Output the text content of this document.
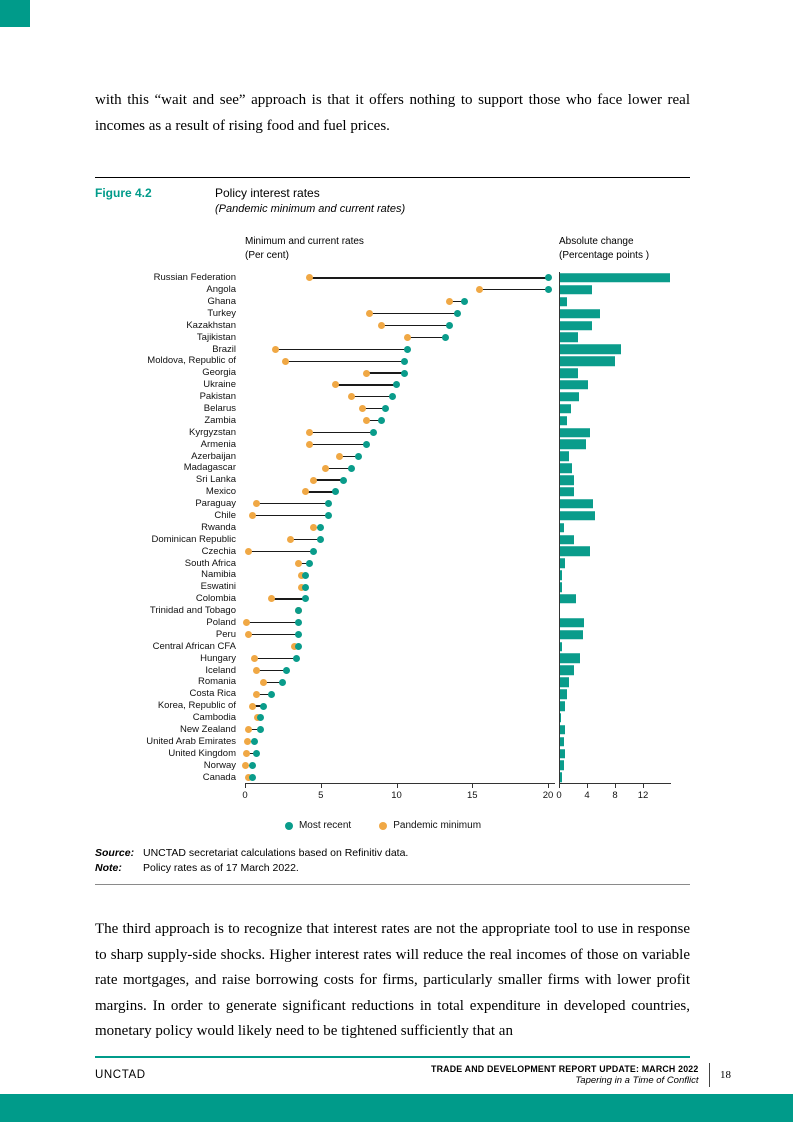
with this “wait and see” approach is that it offers nothing to support those who face lower real incomes as a result of rising food and fuel prices.

Figure 4.2	Policy interest rates
(Pandemic minimum and current rates)
Minimum and current rates
(Per cent)
Absolute change
(Percentage points )
Russian Federation
Angola
Ghana
Turkey
Kazakhstan
Tajikistan
Brazil
Moldova, Republic of
Georgia
Ukraine
Pakistan
Belarus
Zambia
Kyrgyzstan
Armenia
Azerbaijan
Madagascar
Sri Lanka
Mexico
Paraguay
Chile
Rwanda
Dominican Republic
Czechia
South Africa
Namibia
Eswatini
Colombia
Trinidad and Tobago
Poland
Peru
Central African CFA
Hungary
Iceland
Romania
Costa Rica
Korea, Republic of
Cambodia
New Zealand
United Arab Emirates
United Kingdom
Norway
Canada
0	5	10	15	20 0 4 8 12
Most recent	Pandemic minimum
Source: UNCTAD secretariat calculations based on Refinitiv data.
Note:	Policy rates as of 17 March 2022.

The third approach is to recognize that interest rates are not the appropriate tool to use in response to sharp supply-side shocks. Higher interest rates will reduce the real incomes of those on variable rate mortgages, and raise borrowing costs for firms, particularly smaller firms with lower profit margins. In order to generate significant reductions in total expenditure in developed countries, monetary policy would likely need to be tightened sufficiently that an

UNCTAD	TRADE AND DEVELOPMENT REPORT UPDATE: MARCH 2022
Tapering in a Time of Conflict 18
